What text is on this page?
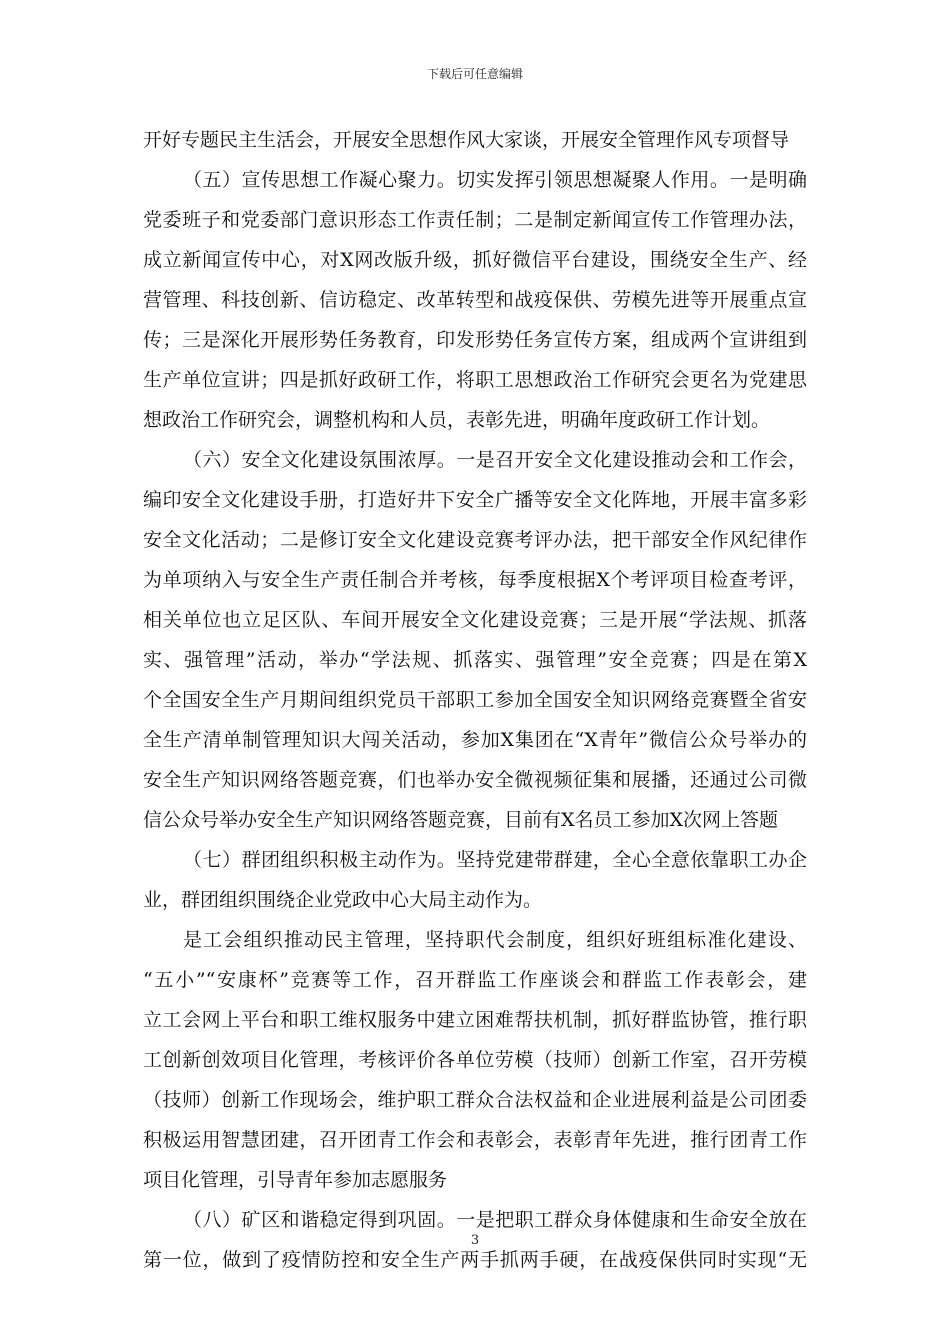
下载后可任意编辑
开好专题民主生活会，开展安全思想作风大家谈，开展安全管理作风专项督导
（五）宣传思想工作凝心聚力。切实发挥引领思想凝聚人作用。一是明确
党委班子和党委部门意识形态工作责任制；二是制定新闻宣传工作管理办法，
成立新闻宣传中心，对X网改版升级，抓好微信平台建设，围绕安全生产、经
营管理、科技创新、信访稳定、改革转型和战疫保供、劳模先进等开展重点宣
传；三是深化开展形势任务教育，印发形势任务宣传方案，组成两个宣讲组到
生产单位宣讲；四是抓好政研工作，将职工思想政治工作研究会更名为党建思
想政治工作研究会，调整机构和人员，表彰先进，明确年度政研工作计划。
（六）安全文化建设氛围浓厚。一是召开安全文化建设推动会和工作会，
编印安全文化建设手册，打造好井下安全广播等安全文化阵地，开展丰富多彩
安全文化活动；二是修订安全文化建设竞赛考评办法，把干部安全作风纪律作
为单项纳入与安全生产责任制合并考核，每季度根据X个考评项目检查考评，
相关单位也立足区队、车间开展安全文化建设竞赛；三是开展“学法规、抓落
实、强管理”活动，举办“学法规、抓落实、强管理”安全竞赛；四是在第X
个全国安全生产月期间组织党员干部职工参加全国安全知识网络竞赛暨全省安
全生产清单制管理知识大闯关活动，参加X集团在“X青年”微信公众号举办的
安全生产知识网络答题竞赛，们也举办安全微视频征集和展播，还通过公司微
信公众号举办安全生产知识网络答题竞赛，目前有X名员工参加X次网上答题
（七）群团组织积极主动作为。坚持党建带群建，全心全意依靠职工办企
业，群团组织围绕企业党政中心大局主动作为。
是工会组织推动民主管理，坚持职代会制度，组织好班组标准化建设、
“五小”“安康杯”竞赛等工作，召开群监工作座谈会和群监工作表彰会，建
立工会网上平台和职工维权服务中建立困难帮扶机制，抓好群监协管，推行职
工创新创效项目化管理，考核评价各单位劳模（技师）创新工作室，召开劳模
（技师）创新工作现场会，维护职工群众合法权益和企业进展利益是公司团委
积极运用智慧团建，召开团青工作会和表彰会，表彰青年先进，推行团青工作
项目化管理，引导青年参加志愿服务
（八）矿区和谐稳定得到巩固。一是把职工群众身体健康和生命安全放在
第一位，做到了疫情防控和安全生产两手抓两手硬，在战疫保供同时实现“无
3
